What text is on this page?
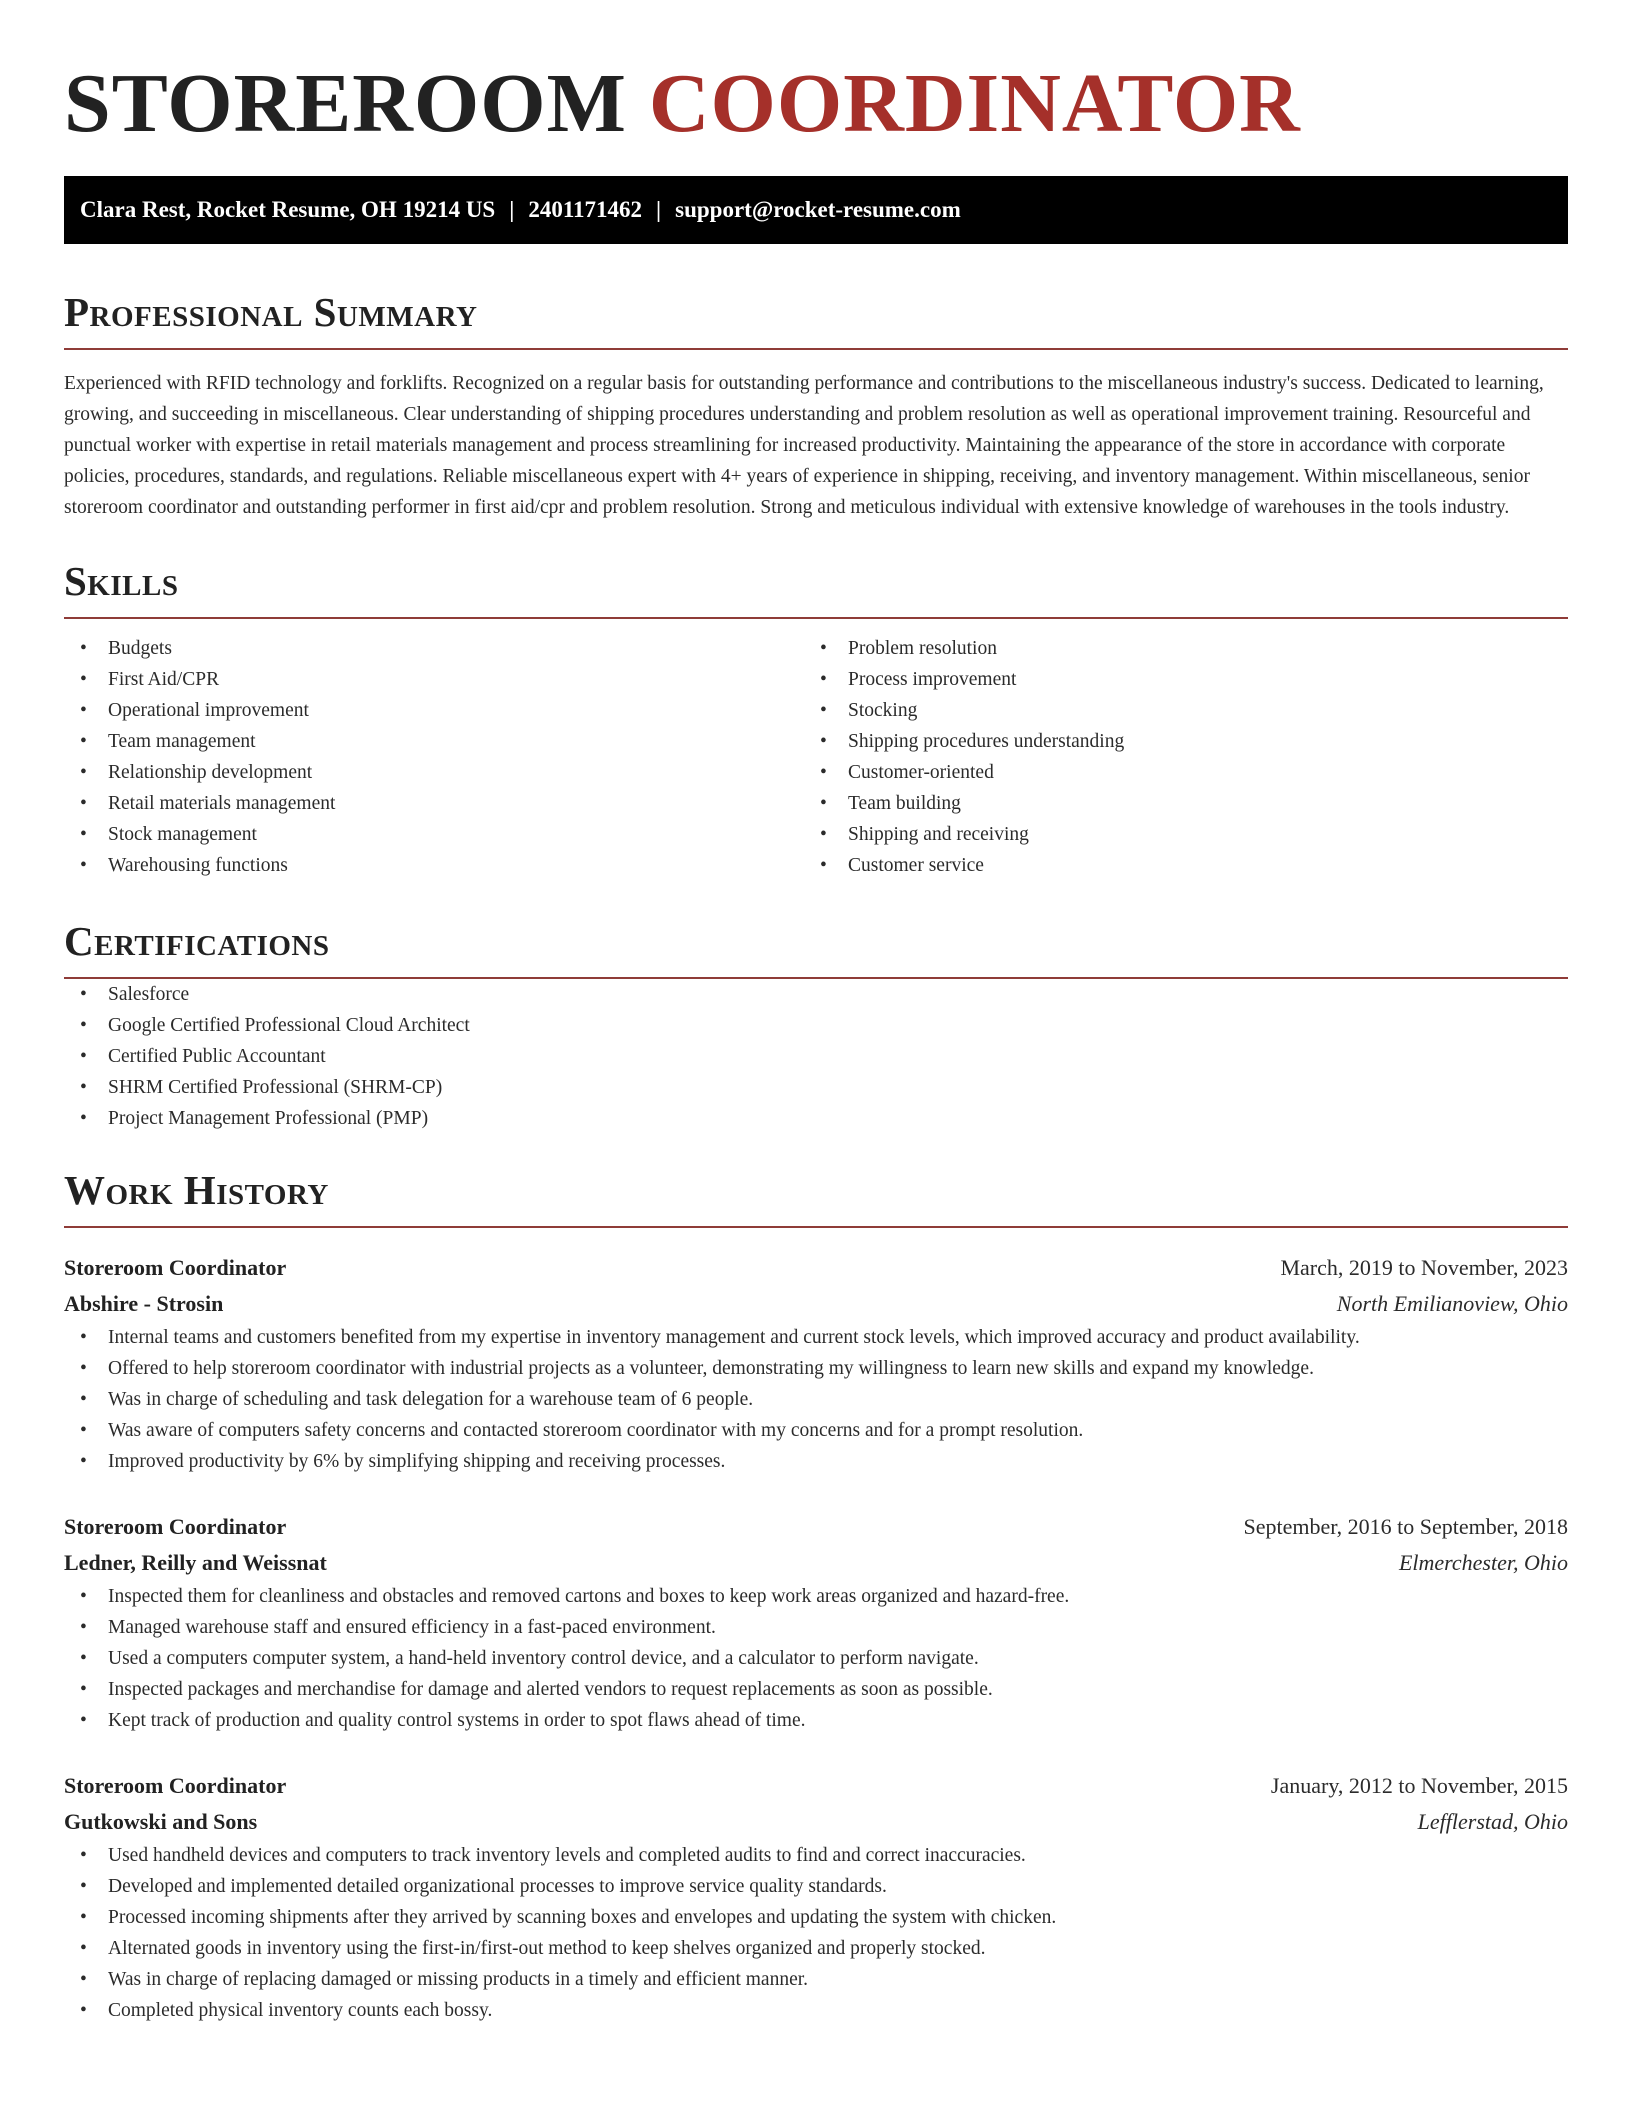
STOREROOM COORDINATOR
Clara Rest, Rocket Resume, OH 19214 US | 2401171462 | support@rocket-resume.com
Professional Summary

Experienced with RFID technology and forklifts. Recognized on a regular basis for outstanding performance and contributions to the miscellaneous industry's success. Dedicated to learning, growing, and succeeding in miscellaneous. Clear understanding of shipping procedures understanding and problem resolution as well as operational improvement training. Resourceful and punctual worker with expertise in retail materials management and process streamlining for increased productivity. Maintaining the appearance of the store in accordance with corporate policies, procedures, standards, and regulations. Reliable miscellaneous expert with 4+ years of experience in shipping, receiving, and inventory management. Within miscellaneous, senior storeroom coordinator and outstanding performer in first aid/cpr and problem resolution. Strong and meticulous individual with extensive knowledge of warehouses in the tools industry.

Skills
• Budgets
• First Aid/CPR
• Operational improvement
• Team management
• Relationship development
• Retail materials management
• Stock management
• Warehousing functions
• Problem resolution
• Process improvement
• Stocking
• Shipping procedures understanding
• Customer-oriented
• Team building
• Shipping and receiving
• Customer service
Certifications
• Salesforce
• Google Certified Professional Cloud Architect
• Certified Public Accountant
• SHRM Certified Professional (SHRM-CP)
• Project Management Professional (PMP)
Work History
Storeroom Coordinator	March, 2019 to November, 2023
Abshire - Strosin	North Emilianoview, Ohio
• Internal teams and customers benefited from my expertise in inventory management and current stock levels, which improved accuracy and product availability.
• Offered to help storeroom coordinator with industrial projects as a volunteer, demonstrating my willingness to learn new skills and expand my knowledge.
• Was in charge of scheduling and task delegation for a warehouse team of 6 people.
• Was aware of computers safety concerns and contacted storeroom coordinator with my concerns and for a prompt resolution.
• Improved productivity by 6% by simplifying shipping and receiving processes.
Storeroom Coordinator	September, 2016 to September, 2018
Ledner, Reilly and Weissnat	Elmerchester, Ohio
• Inspected them for cleanliness and obstacles and removed cartons and boxes to keep work areas organized and hazard-free.
• Managed warehouse staff and ensured efficiency in a fast-paced environment.
• Used a computers computer system, a hand-held inventory control device, and a calculator to perform navigate.
• Inspected packages and merchandise for damage and alerted vendors to request replacements as soon as possible.
• Kept track of production and quality control systems in order to spot flaws ahead of time.
Storeroom Coordinator	January, 2012 to November, 2015
Gutkowski and Sons	Lefflerstad, Ohio
• Used handheld devices and computers to track inventory levels and completed audits to find and correct inaccuracies.
• Developed and implemented detailed organizational processes to improve service quality standards.
• Processed incoming shipments after they arrived by scanning boxes and envelopes and updating the system with chicken.
• Alternated goods in inventory using the first-in/first-out method to keep shelves organized and properly stocked.
• Was in charge of replacing damaged or missing products in a timely and efficient manner.
• Completed physical inventory counts each bossy.
